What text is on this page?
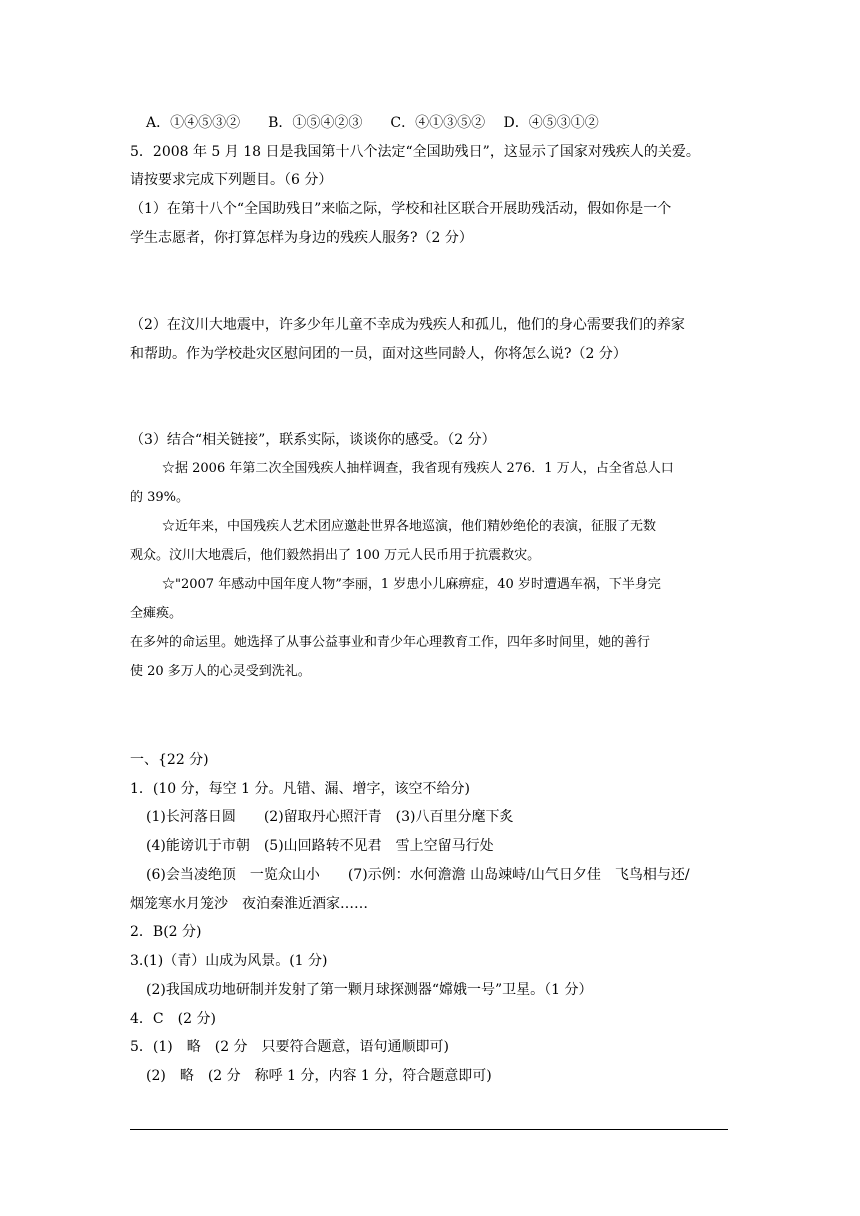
A．①④⑤③②　　B．①⑤④②③　　C．④①③⑤②　 D．④⑤③①②
5．2008 年 5 月 18 日是我国第十八个法定“全国助残日”，这显示了国家对残疾人的关爱。
请按要求完成下列题目。（6 分）
（1）在第十八个“全国助残日”来临之际，学校和社区联合开展助残活动，假如你是一个
学生志愿者，你打算怎样为身边的残疾人服务?（2 分）
（2）在汶川大地震中，许多少年儿童不幸成为残疾人和孤儿，他们的身心需要我们的养家
和帮助。作为学校赴灾区慰问团的一员，面对这些同龄人，你将怎么说?（2 分）
（3）结合“相关链接”，联系实际，谈谈你的感受。（2 分）
☆据 2006 年第二次全国残疾人抽样调查，我省现有残疾人 276．1 万人，占全省总人口
的 39%。
☆近年来，中国残疾人艺术团应邀赴世界各地巡演，他们精妙绝伦的表演，征服了无数
观众。汶川大地震后，他们毅然捐出了 100 万元人民币用于抗震救灾。
☆"2007 年感动中国年度人物”李丽，1 岁患小儿麻痹症，40 岁时遭遇车祸，下半身完
全瘫痪。
在多舛的命运里。她选择了从事公益事业和青少年心理教育工作，四年多时间里，她的善行
使 20 多万人的心灵受到洗礼。
一、{22 分)
1．(10 分，每空 1 分。凡错、漏、增字，该空不给分)
(1)长河落日圆　　(2)留取丹心照汗青　(3)八百里分麾下炙
(4)能谤讥于市朝　(5)山回路转不见君　雪上空留马行处
(6)会当凌绝顶　一览众山小　　(7)示例：水何澹澹 山岛竦峙/山气日夕佳　飞鸟相与还/
烟笼寒水月笼沙　夜泊秦淮近酒家……
2．B(2 分)
3.(1)（青）山成为风景。(1 分)
(2)我国成功地研制并发射了第一颗月球探测器“嫦娥一号”卫星。（1 分）
4．C　(2 分)
5．(1)　略　(2 分　只要符合题意，语句通顺即可)
(2)　略　(2 分　称呼 1 分，内容 1 分，符合题意即可)
